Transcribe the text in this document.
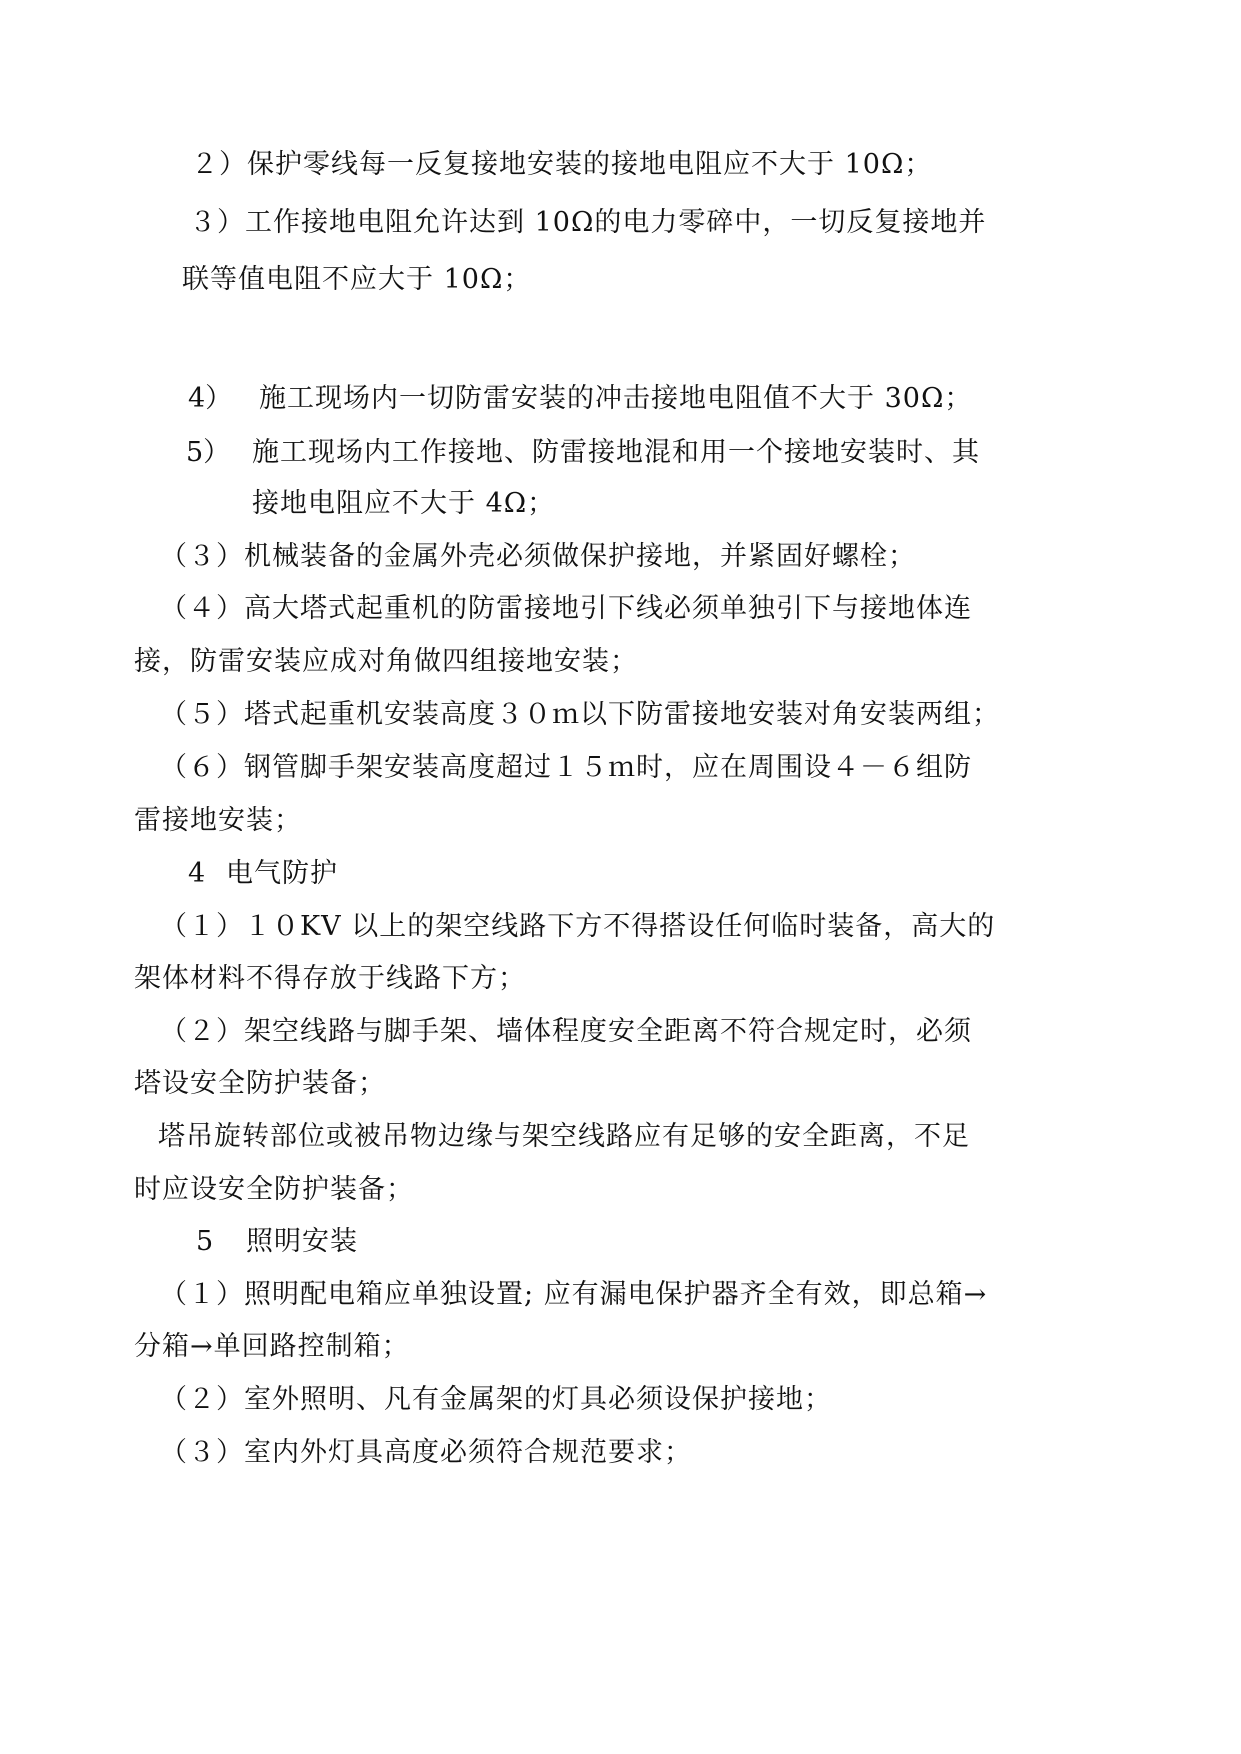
２）保护零线每一反复接地安装的接地电阻应不大于 10Ω；
３）工作接地电阻允许达到 10Ω的电力零碎中，一切反复接地并
联等值电阻不应大于 10Ω；
4） 施工现场内一切防雷安装的冲击接地电阻值不大于 30Ω；
5） 施工现场内工作接地、防雷接地混和用一个接地安装时、其
接地电阻应不大于 4Ω；
（３）机械装备的金属外壳必须做保护接地，并紧固好螺栓；
（４）高大塔式起重机的防雷接地引下线必须单独引下与接地体连
接，防雷安装应成对角做四组接地安装；
（５）塔式起重机安装高度３０ｍ以下防雷接地安装对角安装两组；
（６）钢管脚手架安装高度超过１５ｍ时，应在周围设４－６组防
雷接地安装；
4 电气防护
（１）１０KV 以上的架空线路下方不得搭设任何临时装备，高大的
架体材料不得存放于线路下方；
（２）架空线路与脚手架、墙体程度安全距离不符合规定时，必须
塔设安全防护装备；
塔吊旋转部位或被吊物边缘与架空线路应有足够的安全距离，不足
时应设安全防护装备；
5 照明安装
（１）照明配电箱应单独设置; 应有漏电保护器齐全有效，即总箱→
分箱→单回路控制箱；
（２）室外照明、凡有金属架的灯具必须设保护接地；
（３）室内外灯具高度必须符合规范要求；
